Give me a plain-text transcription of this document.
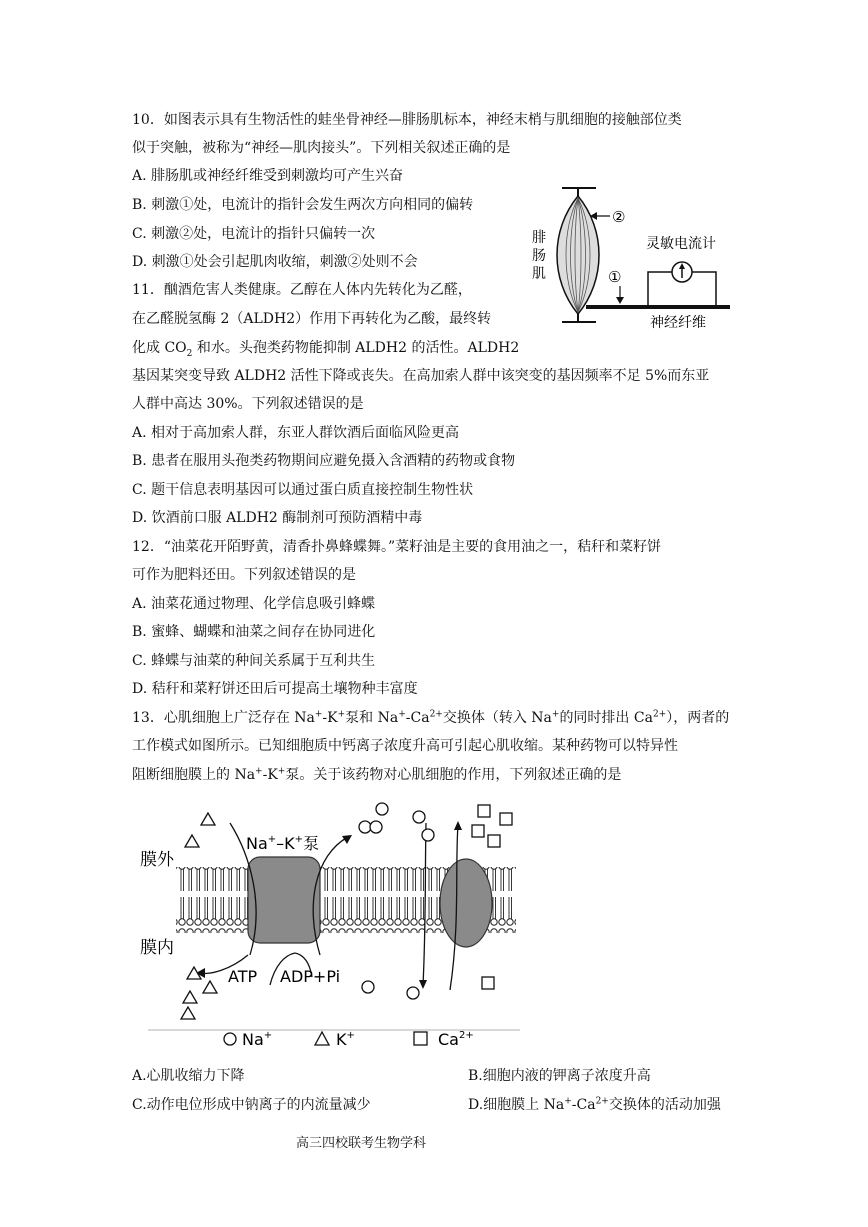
10．如图表示具有生物活性的蛙坐骨神经—腓肠肌标本，神经末梢与肌细胞的接触部位类
似于突触，被称为“神经—肌肉接头”。下列相关叙述正确的是
A. 腓肠肌或神经纤维受到刺激均可产生兴奋
B. 刺激①处，电流计的指针会发生两次方向相同的偏转
C. 刺激②处，电流计的指针只偏转一次
D. 刺激①处会引起肌肉收缩，刺激②处则不会
腓
肠
肌
②
①
灵敏电流计
神经纤维
11．酗酒危害人类健康。乙醇在人体内先转化为乙醛，
在乙醛脱氢酶 2（ALDH2）作用下再转化为乙酸，最终转
化成 $CO_2$ 和水。头孢类药物能抑制 ALDH2 的活性。ALDH2
基因某突变导致 ALDH2 活性下降或丧失。在高加索人群中该突变的基因频率不足 5%而东亚
人群中高达 30%。下列叙述错误的是
A. 相对于高加索人群，东亚人群饮酒后面临风险更高
B. 患者在服用头孢类药物期间应避免摄入含酒精的药物或食物
C. 题干信息表明基因可以通过蛋白质直接控制生物性状
D. 饮酒前口服 ALDH2 酶制剂可预防酒精中毒
12．“油菜花开陌野黄，清香扑鼻蜂蝶舞。”菜籽油是主要的食用油之一，秸秆和菜籽饼
可作为肥料还田。下列叙述错误的是
A. 油菜花通过物理、化学信息吸引蜂蝶
B. 蜜蜂、蝴蝶和油菜之间存在协同进化
C. 蜂蝶与油菜的种间关系属于互利共生
D. 秸秆和菜籽饼还田后可提高土壤物种丰富度
13．心肌细胞上广泛存在 Na+-K+泵和 $Na^+-Ca^{2+}$交换体（转入 Na+的同时排出 $Ca^{2+}$），两者的
工作模式如图所示。已知细胞质中钙离子浓度升高可引起心肌收缩。某种药物可以特异性
阻断细胞膜上的 Na+-K+泵。关于该药物对心肌细胞的作用，下列叙述正确的是
膜外
膜内
Na+–K+泵
ATP ADP+Pi
Na+	K+	$Ca^{2+}$
A.心肌收缩力下降	B.细胞内液的钾离子浓度升高
C.动作电位形成中钠离子的内流量减少	D.细胞膜上 $Na^+-Ca^{2+}$交换体的活动加强
高三四校联考生物学科
